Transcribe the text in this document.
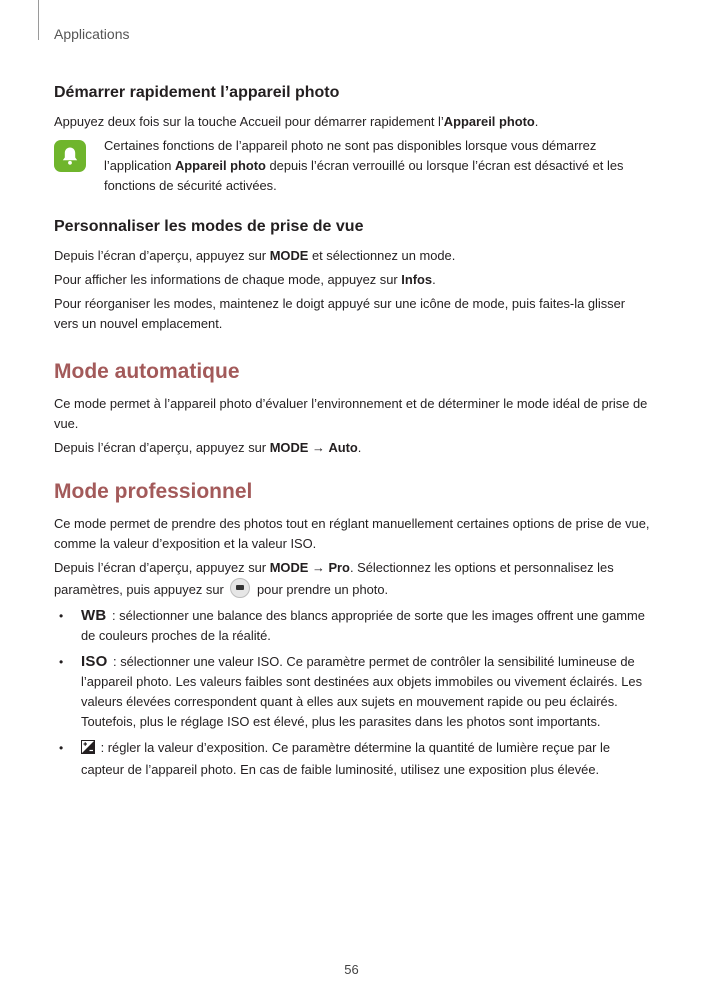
Applications
Démarrer rapidement l’appareil photo

Appuyez deux fois sur la touche Accueil pour démarrer rapidement l’Appareil photo.

Certaines fonctions de l’appareil photo ne sont pas disponibles lorsque vous démarrez l’application Appareil photo depuis l’écran verrouillé ou lorsque l’écran est désactivé et les fonctions de sécurité activées.
Personnaliser les modes de prise de vue

Depuis l’écran d’aperçu, appuyez sur MODE et sélectionnez un mode.

Pour afficher les informations de chaque mode, appuyez sur Infos.

Pour réorganiser les modes, maintenez le doigt appuyé sur une icône de mode, puis faites-la glisser vers un nouvel emplacement.

Mode automatique

Ce mode permet à l’appareil photo d’évaluer l’environnement et de déterminer le mode idéal de prise de vue.

Depuis l’écran d’aperçu, appuyez sur MODE → Auto.

Mode professionnel

Ce mode permet de prendre des photos tout en réglant manuellement certaines options de prise de vue, comme la valeur d’exposition et la valeur ISO.

Depuis l’écran d’aperçu, appuyez sur MODE → Pro. Sélectionnez les options et personnalisez les paramètres, puis appuyez sur
pour prendre un photo.

• WB : sélectionner une balance des blancs appropriée de sorte que les images offrent une gamme de couleurs proches de la réalité.
• ISO : sélectionner une valeur ISO. Ce paramètre permet de contrôler la sensibilité lumineuse de l’appareil photo. Les valeurs faibles sont destinées aux objets immobiles ou vivement éclairés. Les valeurs élevées correspondent quant à elles aux sujets en mouvement rapide ou peu éclairés. Toutefois, plus le réglage ISO est élevé, plus les parasites dans les photos sont importants.
•	: régler la valeur d’exposition. Ce paramètre détermine la quantité de lumière reçue par le capteur de l’appareil photo. En cas de faible luminosité, utilisez une exposition plus élevée.
56
